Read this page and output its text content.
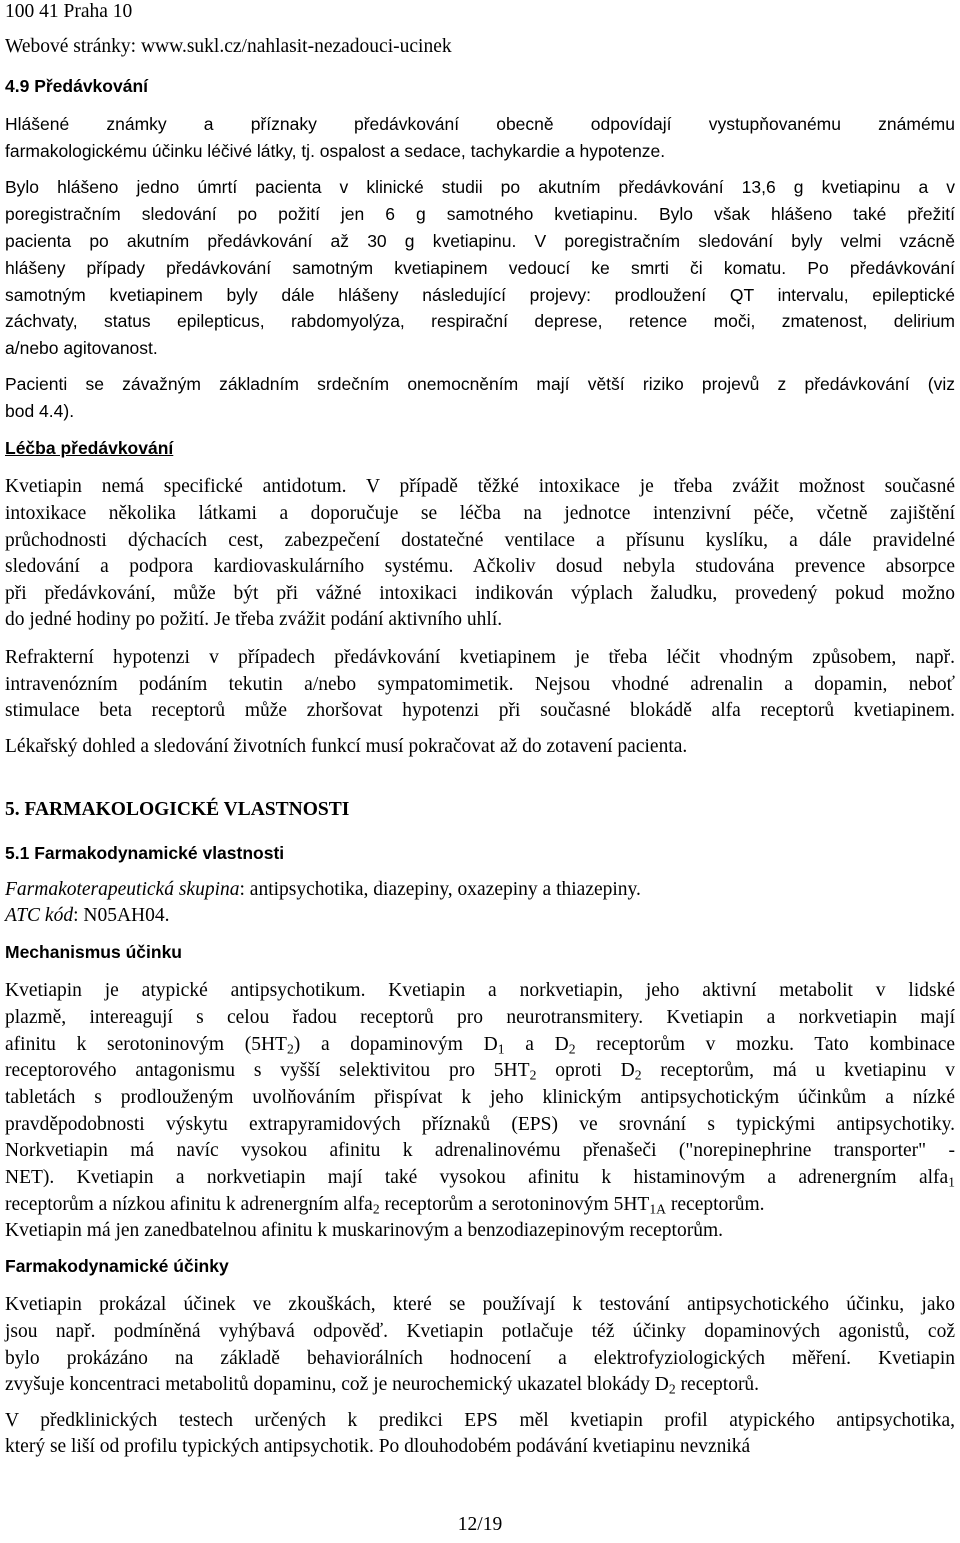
100 41 Praha 10
Webové stránky: www.sukl.cz/nahlasit-nezadouci-ucinek
4.9 Předávkování
Hlášené známky a příznaky předávkování obecně odpovídají vystupňovanému známému
farmakologickému účinku léčivé látky, tj. ospalost a sedace, tachykardie a hypotenze.
Bylo hlášeno jedno úmrtí pacienta v klinické studii po akutním předávkování 13,6 g kvetiapinu a v
poregistračním sledování po požití jen 6 g samotného kvetiapinu. Bylo však hlášeno také přežití
pacienta po akutním předávkování až 30 g kvetiapinu. V poregistračním sledování byly velmi vzácně
hlášeny případy předávkování samotným kvetiapinem vedoucí ke smrti či komatu. Po předávkování
samotným kvetiapinem byly dále hlášeny následující projevy: prodloužení QT intervalu, epileptické
záchvaty, status epilepticus, rabdomyolýza, respirační deprese, retence moči, zmatenost, delirium
a/nebo agitovanost.
Pacienti se závažným základním srdečním onemocněním mají větší riziko projevů z předávkování (viz
bod 4.4).
Léčba předávkování
Kvetiapin nemá specifické antidotum. V případě těžké intoxikace je třeba zvážit možnost současné
intoxikace několika látkami a doporučuje se léčba na jednotce intenzivní péče, včetně zajištění
průchodnosti dýchacích cest, zabezpečení dostatečné ventilace a přísunu kyslíku, a dále pravidelné
sledování a podpora kardiovaskulárního systému. Ačkoliv dosud nebyla studována prevence absorpce
při předávkování, může být při vážné intoxikaci indikován výplach žaludku, provedený pokud možno
do jedné hodiny po požití. Je třeba zvážit podání aktivního uhlí.
Refrakterní hypotenzi v případech předávkování kvetiapinem je třeba léčit vhodným způsobem, např.
intravenózním podáním tekutin a/nebo sympatomimetik. Nejsou vhodné adrenalin a dopamin, neboť
stimulace beta receptorů může zhoršovat hypotenzi při současné blokádě alfa receptorů kvetiapinem.
Lékařský dohled a sledování životních funkcí musí pokračovat až do zotavení pacienta.
5. FARMAKOLOGICKÉ VLASTNOSTI
5.1 Farmakodynamické vlastnosti
Farmakoterapeutická skupina: antipsychotika, diazepiny, oxazepiny a thiazepiny.
ATC kód: N05AH04.
Mechanismus účinku
Kvetiapin je atypické antipsychotikum. Kvetiapin a norkvetiapin, jeho aktivní metabolit v lidské
plazmě, intereagují s celou řadou receptorů pro neurotransmitery. Kvetiapin a norkvetiapin mají
afinitu k serotoninovým $(5HT_2)$ a dopaminovým $D_1$ a $D_2$ receptorům v mozku. Tato kombinace
receptorového antagonismu s vyšší selektivitou pro $5HT_2$ oproti $D_2$ receptorům, má u kvetiapinu v
tabletách s prodlouženým uvolňováním přispívat k jeho klinickým antipsychotickým účinkům a nízké
pravděpodobnosti výskytu extrapyramidových příznaků (EPS) ve srovnání s typickými antipsychotiky.
Norkvetiapin má navíc vysokou afinitu k adrenalinovému přenašeči ("norepinephrine transporter" -
NET). Kvetiapin a norkvetiapin mají také vysokou afinitu k histaminovým a adrenergním alfa$_1$
receptorům a nízkou afinitu k adrenergním alfa$_2$ receptorům a serotoninovým $5HT_{1A}$ receptorům.
Kvetiapin má jen zanedbatelnou afinitu k muskarinovým a benzodiazepinovým receptorům.
Farmakodynamické účinky
Kvetiapin prokázal účinek ve zkouškách, které se používají k testování antipsychotického účinku, jako
jsou např. podmíněná vyhýbavá odpověď. Kvetiapin potlačuje též účinky dopaminových agonistů, což
bylo prokázáno na základě behaviorálních hodnocení a elektrofyziologických měření. Kvetiapin
zvyšuje koncentraci metabolitů dopaminu, což je neurochemický ukazatel blokády $D_2$ receptorů.
V předklinických testech určených k predikci EPS měl kvetiapin profil atypického antipsychotika,
který se liší od profilu typických antipsychotik. Po dlouhodobém podávání kvetiapinu nevzniká
12/19
